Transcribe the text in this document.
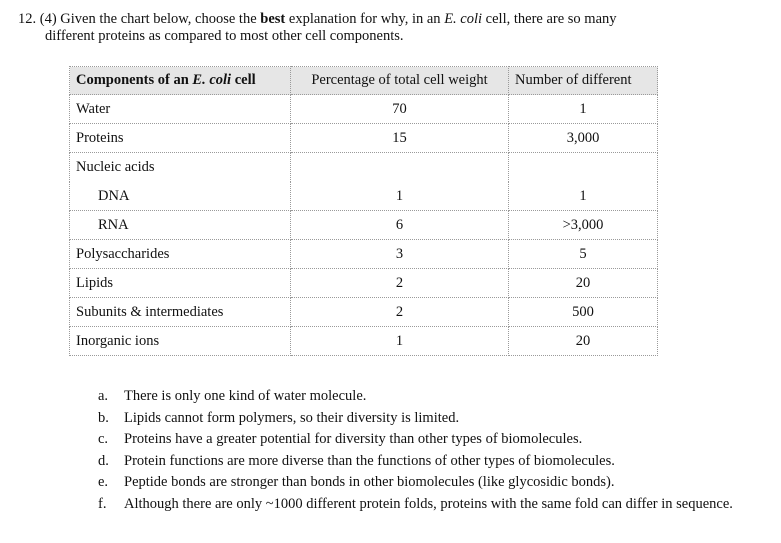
12. (4) Given the chart below, choose the best explanation for why, in an E. coli cell, there are so many
different proteins as compared to most other cell components.
Components of an E. coli cell	Percentage of total cell weight	Number of different
Water	70	1
Proteins	15	3,000
Nucleic acids		
DNA	1	1
RNA	6	>3,000
Polysaccharides	3	5
Lipids	2	20
Subunits & intermediates	2	500
Inorganic ions	1	20
a. There is only one kind of water molecule.
b. Lipids cannot form polymers, so their diversity is limited.
c. Proteins have a greater potential for diversity than other types of biomolecules.
d. Protein functions are more diverse than the functions of other types of biomolecules.
e. Peptide bonds are stronger than bonds in other biomolecules (like glycosidic bonds).
f. Although there are only ~1000 different protein folds, proteins with the same fold can differ in sequence.
